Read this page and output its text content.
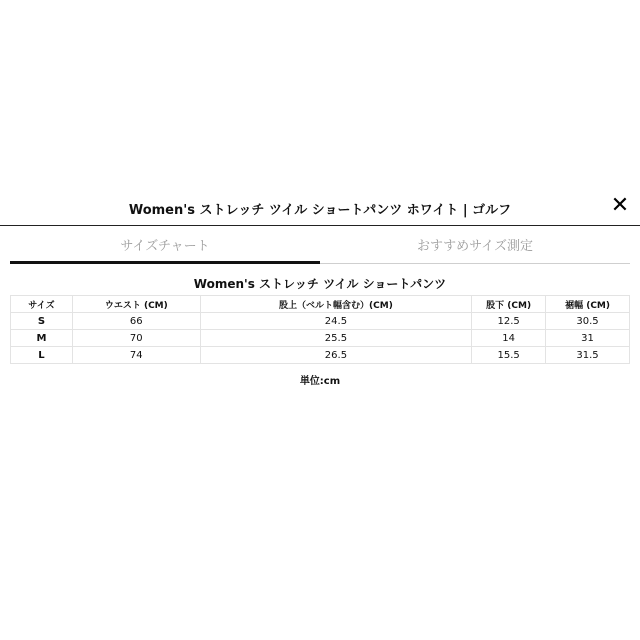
Women's ストレッチ ツイル ショートパンツ ホワイト | ゴルフ	✕
サイズチャート	おすすめサイズ測定
Women's ストレッチ ツイル ショートパンツ
サイズ	ウエスト (CM)	股上（ベルト幅含む）(CM)	股下 (CM)	裾幅 (CM)
S	66	24.5	12.5	30.5
M	70	25.5	14	31
L	74	26.5	15.5	31.5
単位:cm
